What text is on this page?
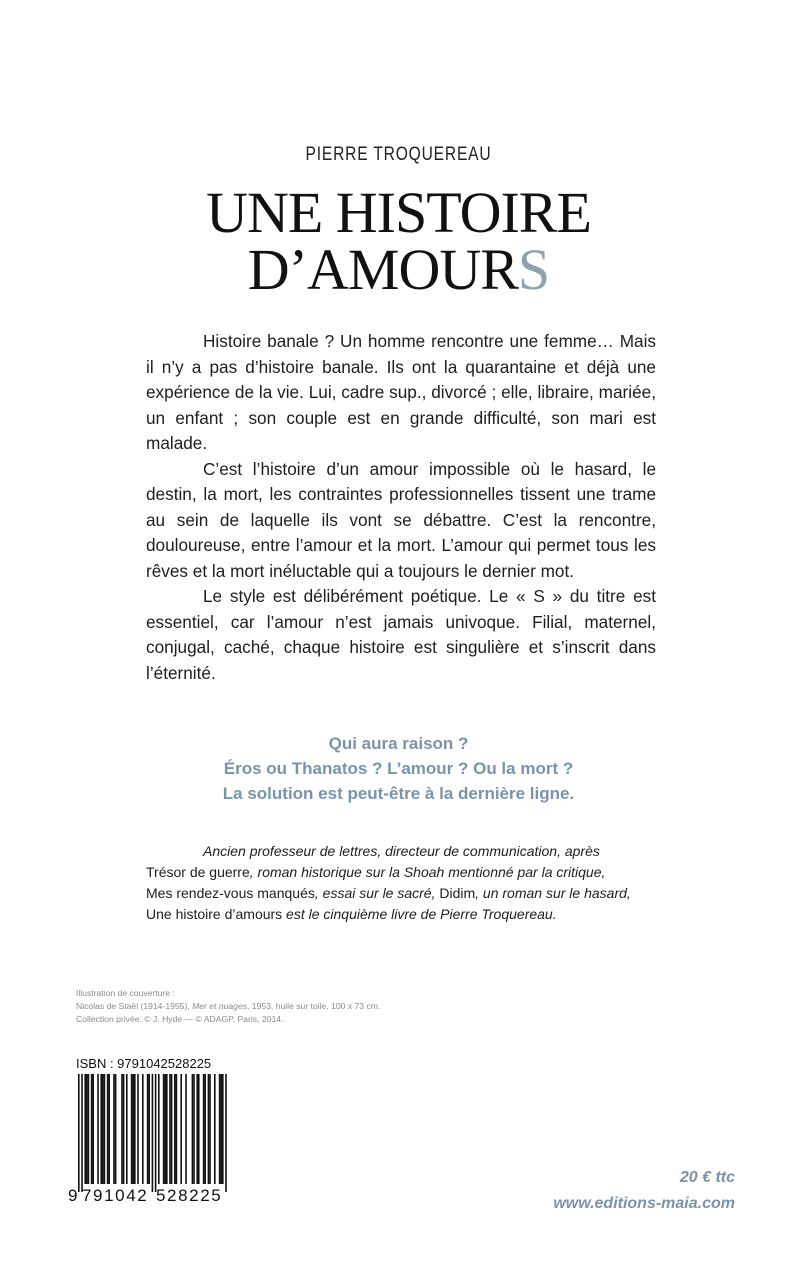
PIERRE TROQUEREAU
UNE HISTOIRE
D’AMOURS

Histoire banale ? Un homme rencontre une femme… Mais il n’y a pas d’histoire banale. Ils ont la quarantaine et déjà une expérience de la vie. Lui, cadre sup., divorcé ; elle, libraire, mariée, un enfant ; son couple est en grande difficulté, son mari est malade.

C’est l’histoire d’un amour impossible où le hasard, le destin, la mort, les contraintes professionnelles tissent une trame au sein de laquelle ils vont se débattre. C’est la rencontre, douloureuse, entre l’amour et la mort. L’amour qui permet tous les rêves et la mort inéluctable qui a toujours le dernier mot.

Le style est délibérément poétique. Le « S » du titre est essentiel, car l’amour n’est jamais univoque. Filial, maternel, conjugal, caché, chaque histoire est singulière et s’inscrit dans l’éternité.

Qui aura raison ?
Éros ou Thanatos ? L’amour ? Ou la mort ?
La solution est peut-être à la dernière ligne.
Ancien professeur de lettres, directeur de communication, après
Trésor de guerre, roman historique sur la Shoah mentionné par la critique,
Mes rendez-vous manqués, essai sur le sacré, Didim, un roman sur le hasard,
Une histoire d’amours est le cinquième livre de Pierre Troquereau.
Illustration de couverture :
Nicolas de Staël (1914-1955), Mer et nuages, 1953, huile sur toile, 100 x 73 cm.
Collection privée. © J. Hyde — © ADAGP, Paris, 2014.
ISBN : 9791042528225
9 791042 528225
20 € ttc
www.editions-maia.com
